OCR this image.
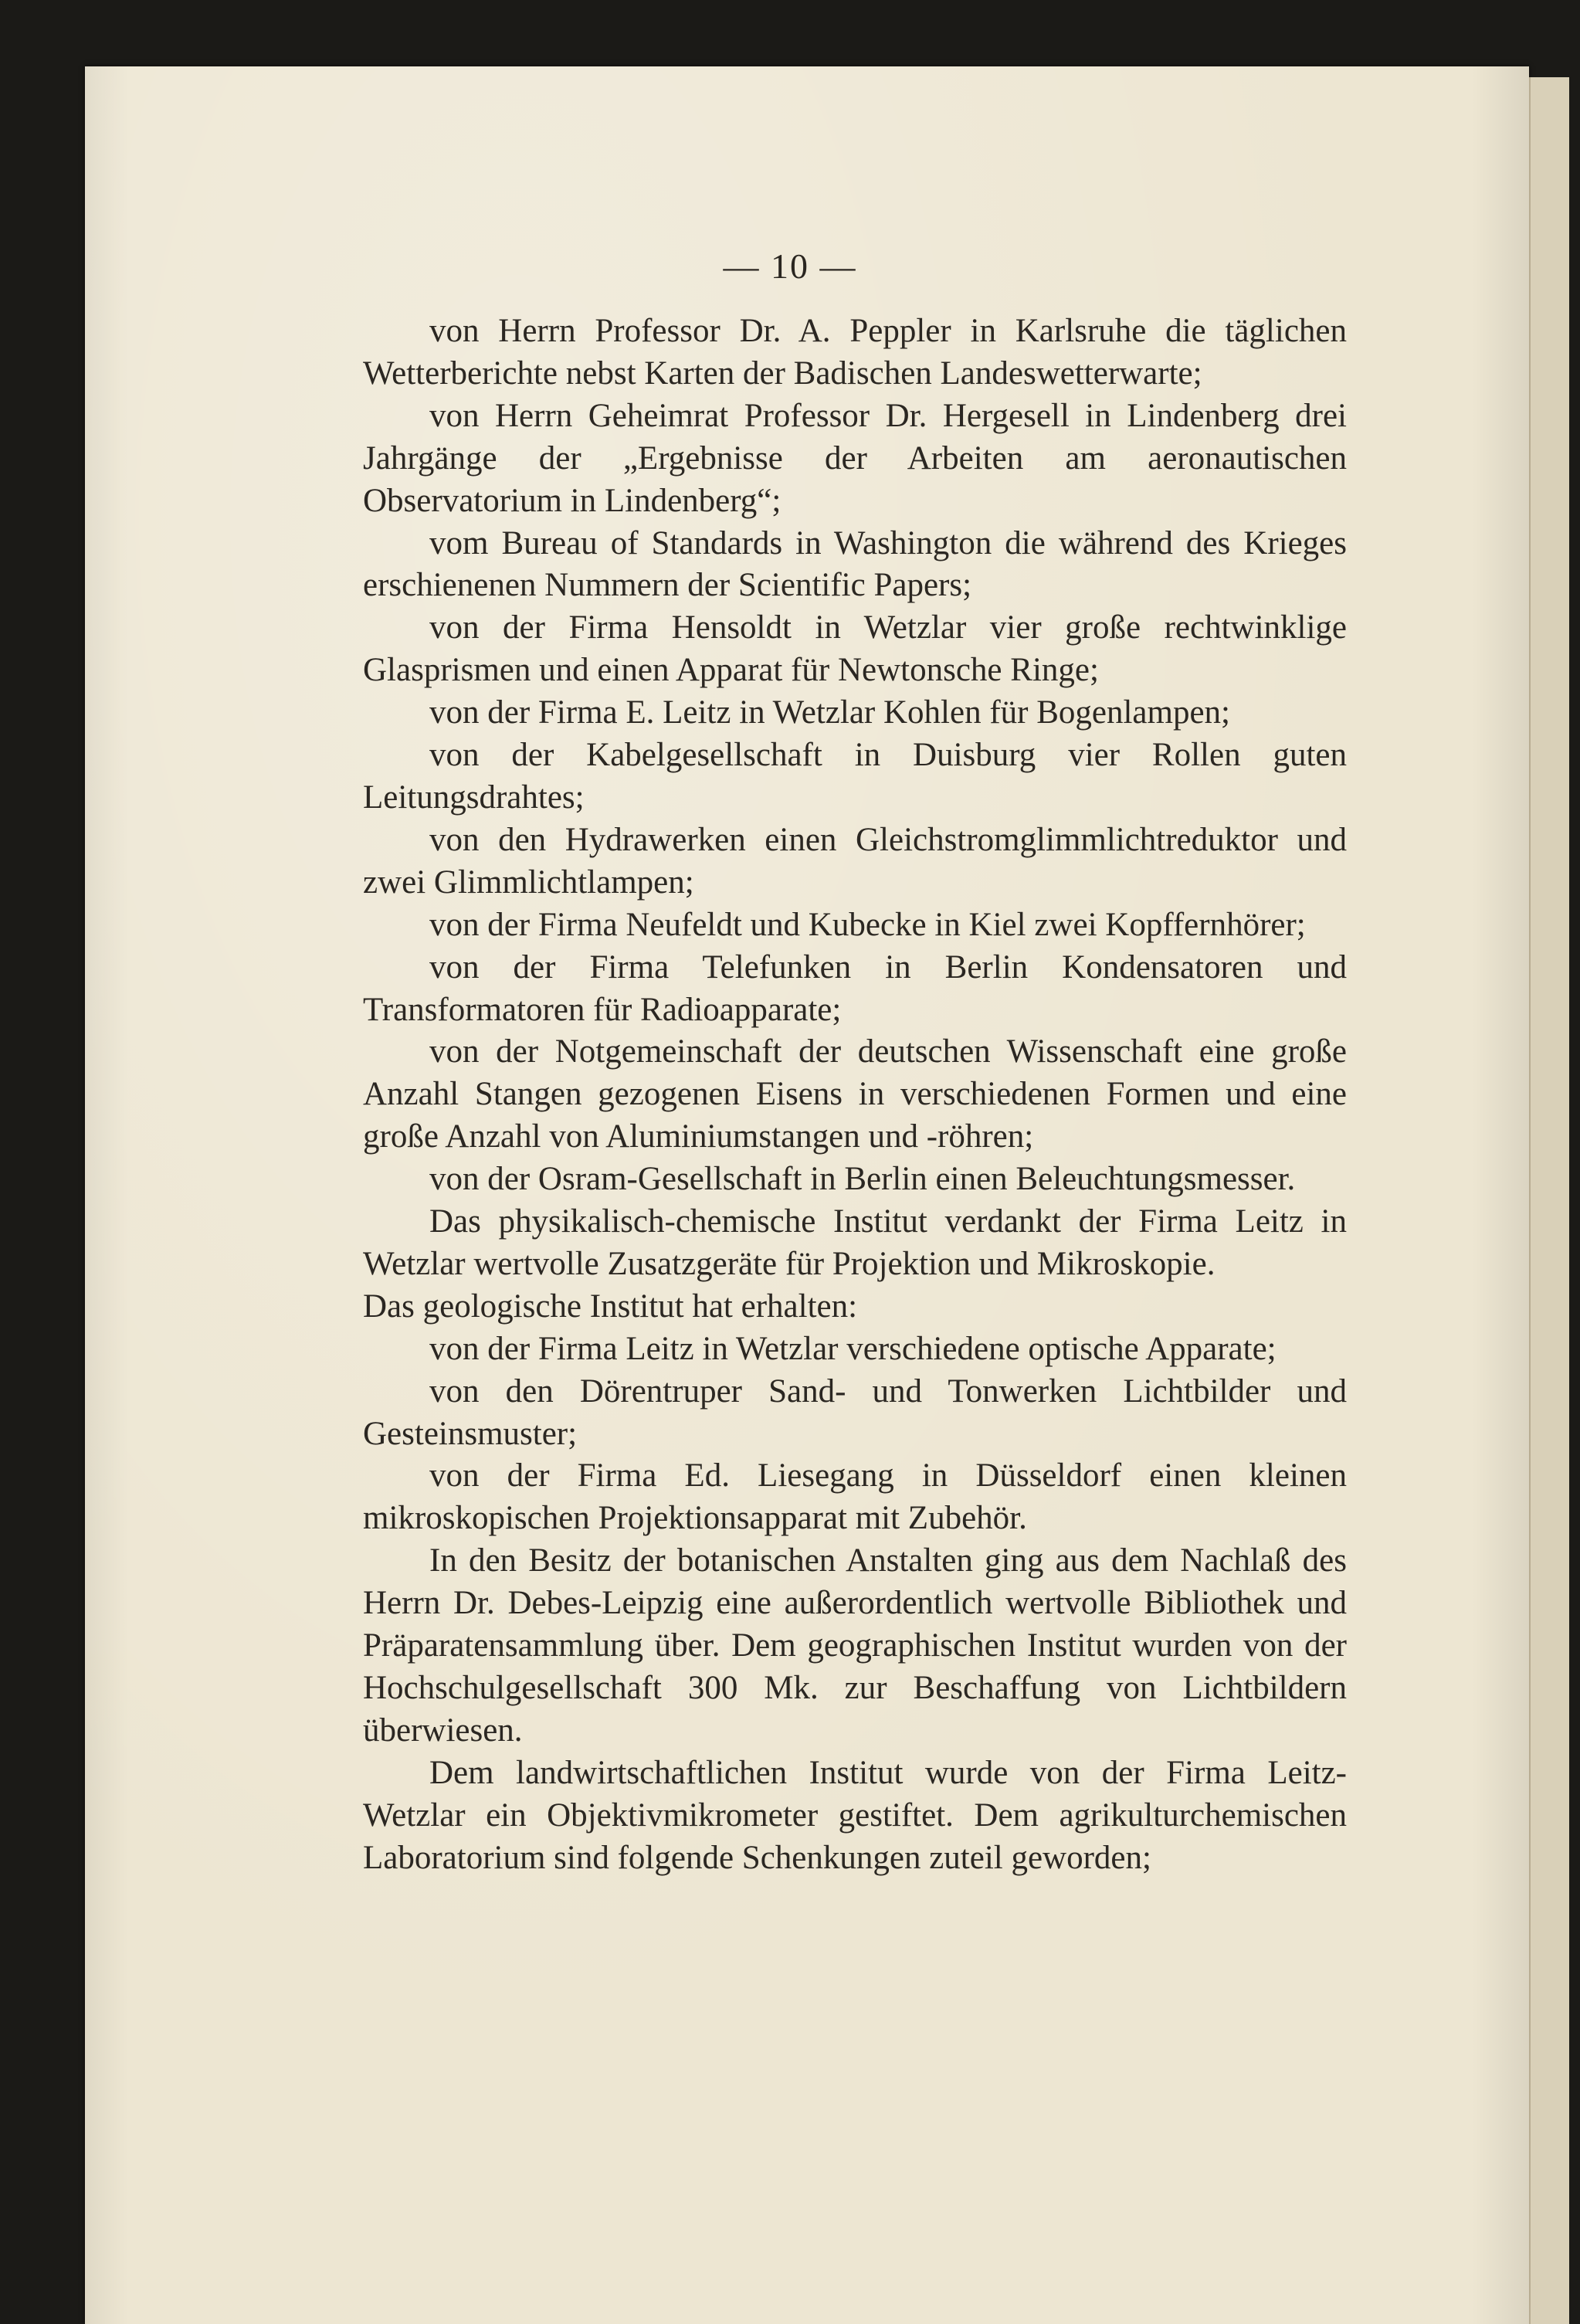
— 10 —

von Herrn Professor Dr. A. Peppler in Karlsruhe die täglichen Wetterberichte nebst Karten der Badischen Landeswetterwarte;

von Herrn Geheimrat Professor Dr. Hergesell in Lindenberg drei Jahrgänge der „Ergebnisse der Arbeiten am aeronautischen Observatorium in Lindenberg“;

vom Bureau of Standards in Washington die während des Krieges erschienenen Nummern der Scientific Papers;

von der Firma Hensoldt in Wetzlar vier große rechtwinklige Glasprismen und einen Apparat für Newtonsche Ringe;

von der Firma E. Leitz in Wetzlar Kohlen für Bogenlampen;

von der Kabelgesellschaft in Duisburg vier Rollen guten Leitungsdrahtes;

von den Hydrawerken einen Gleichstromglimmlichtreduktor und zwei Glimmlichtlampen;

von der Firma Neufeldt und Kubecke in Kiel zwei Kopffernhörer;

von der Firma Telefunken in Berlin Kondensatoren und Transformatoren für Radioapparate;

von der Notgemeinschaft der deutschen Wissenschaft eine große Anzahl Stangen gezogenen Eisens in verschiedenen Formen und eine große Anzahl von Aluminiumstangen und -röhren;

von der Osram-Gesellschaft in Berlin einen Beleuchtungsmesser.

Das physikalisch-chemische Institut verdankt der Firma Leitz in Wetzlar wertvolle Zusatzgeräte für Projektion und Mikroskopie.

Das geologische Institut hat erhalten:

von der Firma Leitz in Wetzlar verschiedene optische Apparate;

von den Dörentruper Sand- und Tonwerken Lichtbilder und Gesteinsmuster;

von der Firma Ed. Liesegang in Düsseldorf einen kleinen mikroskopischen Projektionsapparat mit Zubehör.

In den Besitz der botanischen Anstalten ging aus dem Nachlaß des Herrn Dr. Debes-Leipzig eine außerordentlich wertvolle Bibliothek und Präparatensammlung über. Dem geographischen Institut wurden von der Hochschulgesellschaft 300 Mk. zur Beschaffung von Lichtbildern überwiesen.

Dem landwirtschaftlichen Institut wurde von der Firma Leitz-Wetzlar ein Objektivmikrometer gestiftet. Dem agrikulturchemischen Laboratorium sind folgende Schenkungen zuteil geworden;
